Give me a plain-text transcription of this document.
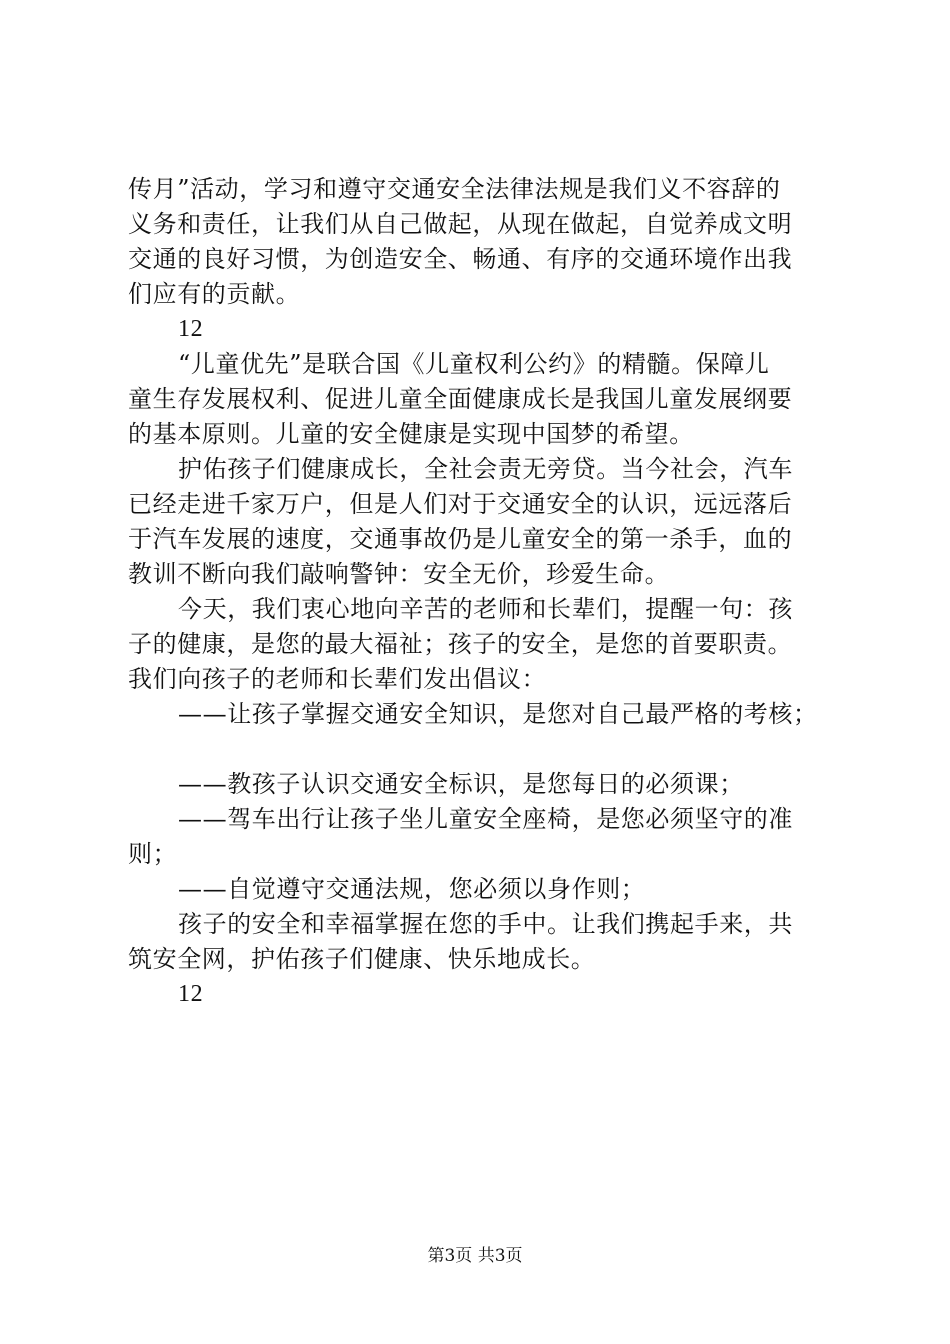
传月”活动，学习和遵守交通安全法律法规是我们义不容辞的
义务和责任，让我们从自己做起，从现在做起，自觉养成文明
交通的良好习惯，为创造安全、畅通、有序的交通环境作出我
们应有的贡献。
12
“儿童优先”是联合国《儿童权利公约》的精髓。保障儿
童生存发展权利、促进儿童全面健康成长是我国儿童发展纲要
的基本原则。儿童的安全健康是实现中国梦的希望。
护佑孩子们健康成长，全社会责无旁贷。当今社会，汽车
已经走进千家万户，但是人们对于交通安全的认识，远远落后
于汽车发展的速度，交通事故仍是儿童安全的第一杀手，血的
教训不断向我们敲响警钟：安全无价，珍爱生命。
今天，我们衷心地向辛苦的老师和长辈们，提醒一句：孩
子的健康，是您的最大福祉；孩子的安全，是您的首要职责。
我们向孩子的老师和长辈们发出倡议：
——让孩子掌握交通安全知识，是您对自己最严格的考核；
——教孩子认识交通安全标识，是您每日的必须课；
——驾车出行让孩子坐儿童安全座椅，是您必须坚守的准
则；
——自觉遵守交通法规，您必须以身作则；
孩子的安全和幸福掌握在您的手中。让我们携起手来，共
筑安全网，护佑孩子们健康、快乐地成长。
12
第3页 共3页
